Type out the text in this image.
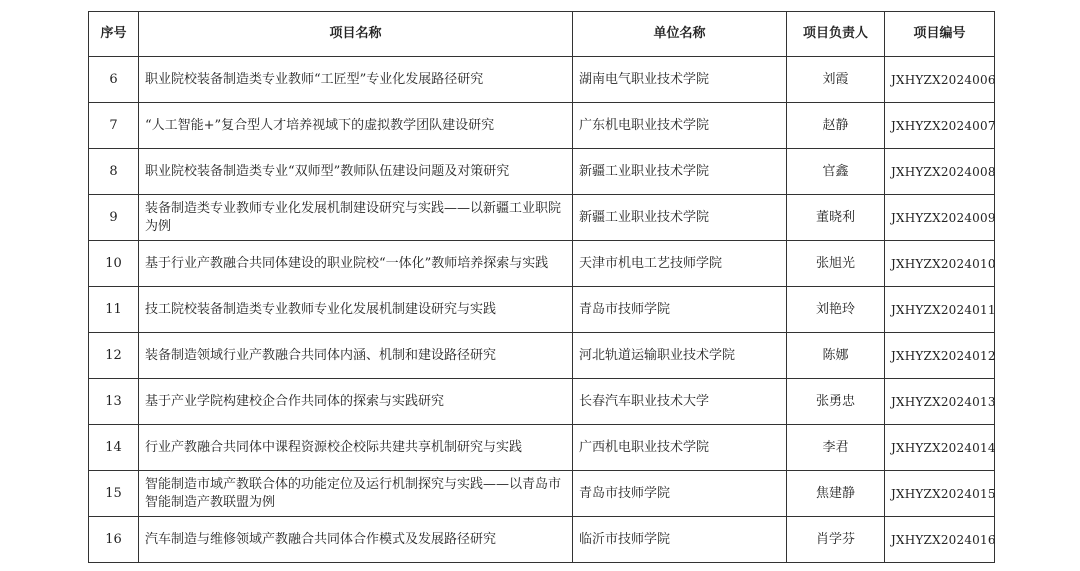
序号	项目名称	单位名称	项目负责人	项目编号
6	职业院校装备制造类专业教师“工匠型”专业化发展路径研究	湖南电气职业技术学院	刘霞	JXHYZX2024006
7	“人工智能+”复合型人才培养视域下的虚拟教学团队建设研究	广东机电职业技术学院	赵静	JXHYZX2024007
8	职业院校装备制造类专业“双师型”教师队伍建设问题及对策研究	新疆工业职业技术学院	官鑫	JXHYZX2024008
9	装备制造类专业教师专业化发展机制建设研究与实践——以新疆工业职院为例	新疆工业职业技术学院	董晓利	JXHYZX2024009
10	基于行业产教融合共同体建设的职业院校“一体化”教师培养探索与实践	天津市机电工艺技师学院	张旭光	JXHYZX2024010
11	技工院校装备制造类专业教师专业化发展机制建设研究与实践	青岛市技师学院	刘艳玲	JXHYZX2024011
12	装备制造领域行业产教融合共同体内涵、机制和建设路径研究	河北轨道运输职业技术学院	陈娜	JXHYZX2024012
13	基于产业学院构建校企合作共同体的探索与实践研究	长春汽车职业技术大学	张勇忠	JXHYZX2024013
14	行业产教融合共同体中课程资源校企校际共建共享机制研究与实践	广西机电职业技术学院	李君	JXHYZX2024014
15	智能制造市域产教联合体的功能定位及运行机制探究与实践——以青岛市智能制造产教联盟为例	青岛市技师学院	焦建静	JXHYZX2024015
16	汽车制造与维修领域产教融合共同体合作模式及发展路径研究	临沂市技师学院	肖学芬	JXHYZX2024016
